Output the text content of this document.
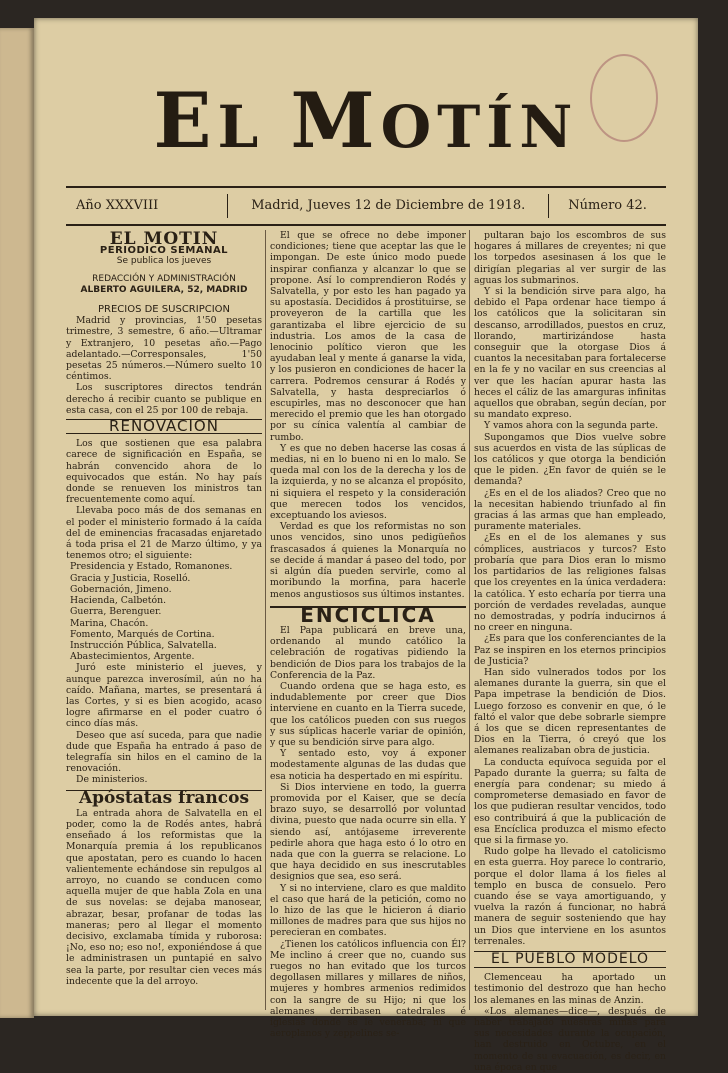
EL MOTÍN
Año XXXVIII	Madrid, Jueves 12 de Diciembre de 1918.	Número 42.
EL MOTIN
PERIODICO SEMANAL
Se publica los jueves
REDACCIÓN Y ADMINISTRACIÓN
ALBERTO AGUILERA, 52, MADRID
PRECIOS DE SUSCRIPCION

Madrid y provincias, 1'50 pesetas trimestre, 3 semestre, 6 año.—Ultramar y Extranjero, 10 pesetas año.—Pago adelantado.—Corresponsales, 1'50 pesetas 25 números.—Número suelto 10 céntimos.

Los suscriptores directos tendrán derecho á recibir cuanto se publique en esta casa, con el 25 por 100 de rebaja.

RENOVACION

Los que sostienen que esa palabra carece de significación en España, se habrán convencido ahora de lo equivocados que están. No hay país donde se renueven los ministros tan frecuentemente como aquí.

Llevaba poco más de dos semanas en el poder el ministerio formado á la caída del de eminencias fracasadas enjaretado á toda prisa el 21 de Marzo último, y ya tenemos otro; el siguiente:

Presidencia y Estado, Romanones.
Gracia y Justicia, Roselló.
Gobernación, Jimeno.
Hacienda, Calbetón.
Guerra, Berenguer.
Marina, Chacón.
Fomento, Marqués de Cortina.
Instrucción Pública, Salvatella.
Abastecimientos, Argente.

Juró este ministerio el jueves, y aunque parezca inverosímil, aún no ha caído. Mañana, martes, se presentará á las Cortes, y si es bien acogido, acaso logre afirmarse en el poder cuatro ó cinco días más.

Deseo que así suceda, para que nadie dude que España ha entrado á paso de telegrafía sin hilos en el camino de la renovación.

De ministerios.

Apóstatas francos

La entrada ahora de Salvatella en el poder, como la de Rodés antes, habrá enseñado á los reformistas que la Monarquía premia á los republicanos que apostatan, pero es cuando lo hacen valientemente echándose sin repulgos al arroyo, no cuando se conducen como aquella mujer de que habla Zola en una de sus novelas: se dejaba manosear, abrazar, besar, profanar de todas las maneras; pero al llegar el momento decisivo, exclamaba tímida y ruborosa: ¡No, eso no; eso no!, exponiéndose á que le administrasen un puntapié en salvo sea la parte, por resultar cien veces más indecente que la del arroyo.

El que se ofrece no debe imponer condiciones; tiene que aceptar las que le impongan. De este único modo puede inspirar confianza y alcanzar lo que se propone. Así lo comprendieron Rodés y Salvatella, y por esto les han pagado ya su apostasía. Decididos á prostituirse, se proveyeron de la cartilla que les garantizaba el libre ejercicio de su industria. Los amos de la casa de lenocinio político vieron que les ayudaban leal y mente á ganarse la vida, y los pusieron en condiciones de hacer la carrera. Podremos censurar á Rodés y Salvatella, y hasta despreciarlos ó escupirles, mas no desconocer que han merecido el premio que les han otorgado por su cínica valentía al cambiar de rumbo.

Y es que no deben hacerse las cosas á medias, ni en lo bueno ni en lo malo. Se queda mal con los de la derecha y los de la izquierda, y no se alcanza el propósito, ni siquiera el respeto y la consideración que merecen todos los vencidos, exceptuando los aviesos.

Verdad es que los reformistas no son unos vencidos, sino unos pedigüeños frascasados á quienes la Monarquía no se decide á mandar á paseo del todo, por si algún día pueden servirle, como al moribundo la morfina, para hacerle menos angustiosos sus últimos instantes.

ENCICLICA

El Papa publicará en breve una, ordenando al mundo católico la celebración de rogativas pidiendo la bendición de Dios para los trabajos de la Conferencia de la Paz.

Cuando ordena que se haga esto, es indudablemente por creer que Dios interviene en cuanto en la Tierra sucede, que los católicos pueden con sus ruegos y sus súplicas hacerle variar de opinión, y que su bendición sirve para algo.

Y sentado esto, voy á exponer modestamente algunas de las dudas que esa noticia ha despertado en mi espíritu.

Si Dios interviene en todo, la guerra promovida por el Kaiser, que se decía brazo suyo, se desarrolló por voluntad divina, puesto que nada ocurre sin ella. Y siendo así, antójaseme irreverente pedirle ahora que haga esto ó lo otro en nada que con la guerra se relacione. Lo que haya decidido en sus inescrutables designios que sea, eso será.

Y si no interviene, claro es que maldito el caso que hará de la petición, como no lo hizo de las que le hicieron á diario millones de madres para que sus hijos no perecieran en combates.

¿Tienen los católicos influencia con Él? Me inclino á creer que no, cuando sus ruegos no han evitado que los turcos degollasen millares y millares de niños, mujeres y hombres armenios redimidos con la sangre de su Hijo; ni que los alemanes derribasen catedrales é iglesias donde se le veneraba; ni que aeroplanos y zeppelines se-

pultaran bajo los escombros de sus hogares á millares de creyentes; ni que los torpedos asesinasen á los que le dirigían plegarias al ver surgir de las aguas los submarinos.

Y si la bendición sirve para algo, ha debido el Papa ordenar hace tiempo á los católicos que la solicitaran sin descanso, arrodillados, puestos en cruz, llorando, martirizándose hasta conseguir que la otorgase Dios á cuantos la necesitaban para fortalecerse en la fe y no vacilar en sus creencias al ver que les hacían apurar hasta las heces el cáliz de las amarguras infinitas aquellos que obraban, según decían, por su mandato expreso.

Y vamos ahora con la segunda parte.

Supongamos que Dios vuelve sobre sus acuerdos en vista de las súplicas de los católicos y que otorga la bendición que le piden. ¿En favor de quién se le demanda?

¿Es en el de los aliados? Creo que no la necesitan habiendo triunfado al fin gracias á las armas que han empleado, puramente materiales.

¿Es en el de los alemanes y sus cómplices, austriacos y turcos? Esto probaría que para Dios eran lo mismo los partidarios de las religiones falsas que los creyentes en la única verdadera: la católica. Y esto echaría por tierra una porción de verdades reveladas, aunque no demostradas, y podría inducirnos á no creer en ninguna.

¿Es para que los conferenciantes de la Paz se inspiren en los eternos principios de Justicia?

Han sido vulnerados todos por los alemanes durante la guerra, sin que el Papa impetrase la bendición de Dios. Luego forzoso es convenir en que, ó le faltó el valor que debe sobrarle siempre á los que se dicen representantes de Dios en la Tierra, ó creyó que los alemanes realizaban obra de justicia.

La conducta equívoca seguida por el Papado durante la guerra; su falta de energía para condenar; su miedo á comprometerse demasiado en favor de los que pudieran resultar vencidos, todo eso contribuirá á que la publicación de esa Encíclica produzca el mismo efecto que si la firmase yo.

Rudo golpe ha llevado el catolicismo en esta guerra. Hoy parece lo contrario, porque el dolor llama á los fieles al templo en busca de consuelo. Pero cuando ése se vaya amortiguando, y vuelva la razón á funcionar, no habrá manera de seguir sosteniendo que hay un Dios que interviene en los asuntos terrenales.

EL PUEBLO MODELO

Clemenceau ha aportado un testimonio del destrozo que han hecho los alemanes en las minas de Anzin.

«Los alemanes—dice—, después de haber trabajado nuestras minas para sus necesidades durante la ocupación, han destruido en Octubre, en el momento de su evacuación, es decir, en una época en que
